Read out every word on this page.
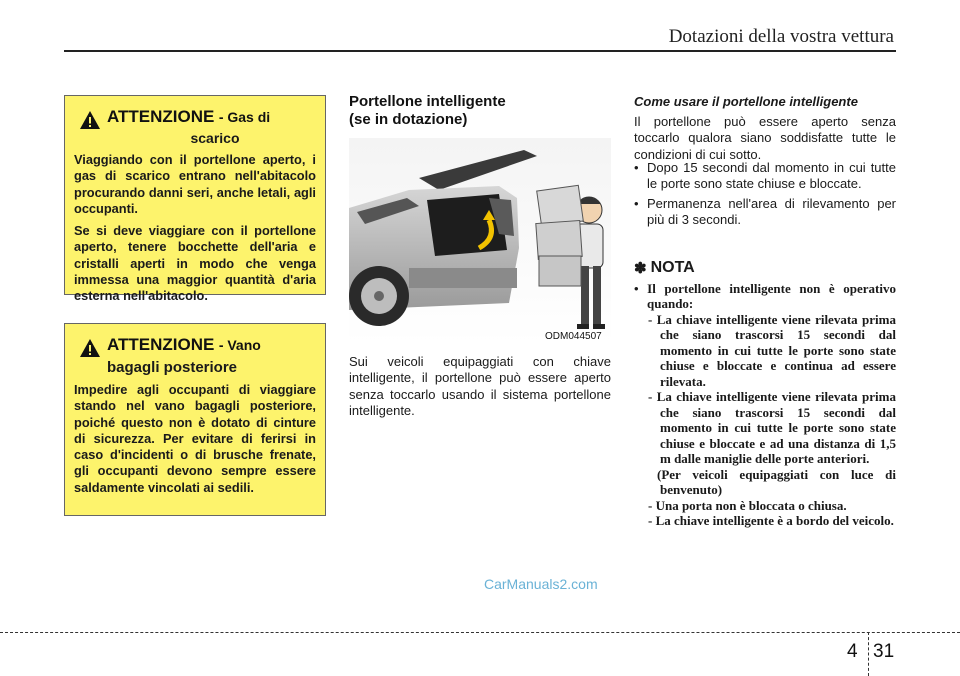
Dotazioni della vostra vettura
ATTENZIONE
- Gas di
scarico

Viaggiando con il portellone aperto, i gas di scarico entrano nell'abitacolo procurando danni seri, anche letali, agli occupanti.

Se si deve viaggiare con il portellone aperto, tenere bocchette dell'aria e cristalli aperti in modo che venga immessa una maggior quantità d'aria esterna nell'abitacolo.

ATTENZIONE
- Vano
bagagli posteriore

Impedire agli occupanti di viaggiare stando nel vano bagagli posteriore, poiché questo non è dotato di cinture di sicurezza. Per evitare di ferirsi in caso d'incidenti o di brusche frenate, gli occupanti devono sempre essere saldamente vincolati ai sedili.

Portellone intelligente
(se in dotazione)
ODM044507
Sui veicoli equipaggiati con chiave intelligente, il portellone può essere aperto senza toccarlo usando il sistema portellone intelligente.
Come usare il portellone intelligente
Il portellone può essere aperto senza toccarlo qualora siano soddisfatte tutte le condizioni di cui sotto.
• Dopo 15 secondi dal momento in cui tutte le porte sono state chiuse e bloccate.
• Permanenza nell'area di rilevamento per più di 3 secondi.
✽ NOTA
• Il portellone intelligente non è operativo quando:
- La chiave intelligente viene rilevata prima che siano trascorsi 15 secondi dal momento in cui tutte le porte sono state chiuse e bloccate e continua ad essere rilevata.
- La chiave intelligente viene rilevata prima che siano trascorsi 15 secondi dal momento in cui tutte le porte sono state chiuse e bloccate e ad una distanza di 1,5 m dalle maniglie delle porte anteriori.
(Per veicoli equipaggiati con luce di benvenuto)
- Una porta non è bloccata o chiusa.
- La chiave intelligente è a bordo del veicolo.
CarManuals2.com
4 31
